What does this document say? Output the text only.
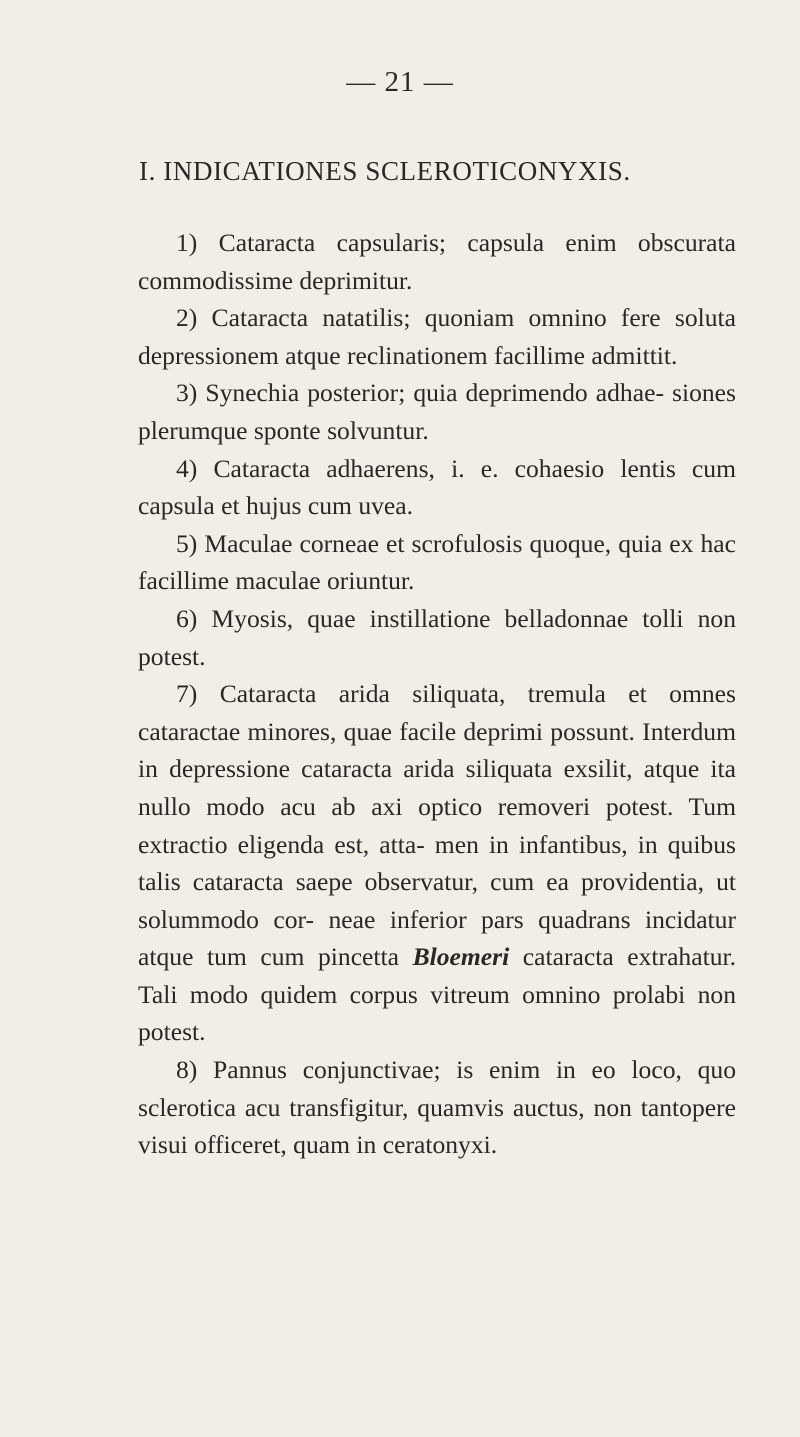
— 21 —
I. INDICATIONES SCLEROTICONYXIS.

1) Cataracta capsularis; capsula enim obscurata commodissime deprimitur.

2) Cataracta natatilis; quoniam omnino fere soluta depressionem atque reclinationem facillime admittit.

3) Synechia posterior; quia deprimendo adhae- siones plerumque sponte solvuntur.

4) Cataracta adhaerens, i. e. cohaesio lentis cum capsula et hujus cum uvea.

5) Maculae corneae et scrofulosis quoque, quia ex hac facillime maculae oriuntur.

6) Myosis, quae instillatione belladonnae tolli non potest.

7) Cataracta arida siliquata, tremula et omnes cataractae minores, quae facile deprimi possunt. Interdum in depressione cataracta arida siliquata exsilit, atque ita nullo modo acu ab axi optico removeri potest. Tum extractio eligenda est, atta- men in infantibus, in quibus talis cataracta saepe observatur, cum ea providentia, ut solummodo cor- neae inferior pars quadrans incidatur atque tum cum pincetta Bloemeri cataracta extrahatur. Tali modo quidem corpus vitreum omnino prolabi non potest.

8) Pannus conjunctivae; is enim in eo loco, quo sclerotica acu transfigitur, quamvis auctus, non tantopere visui officeret, quam in ceratonyxi.
